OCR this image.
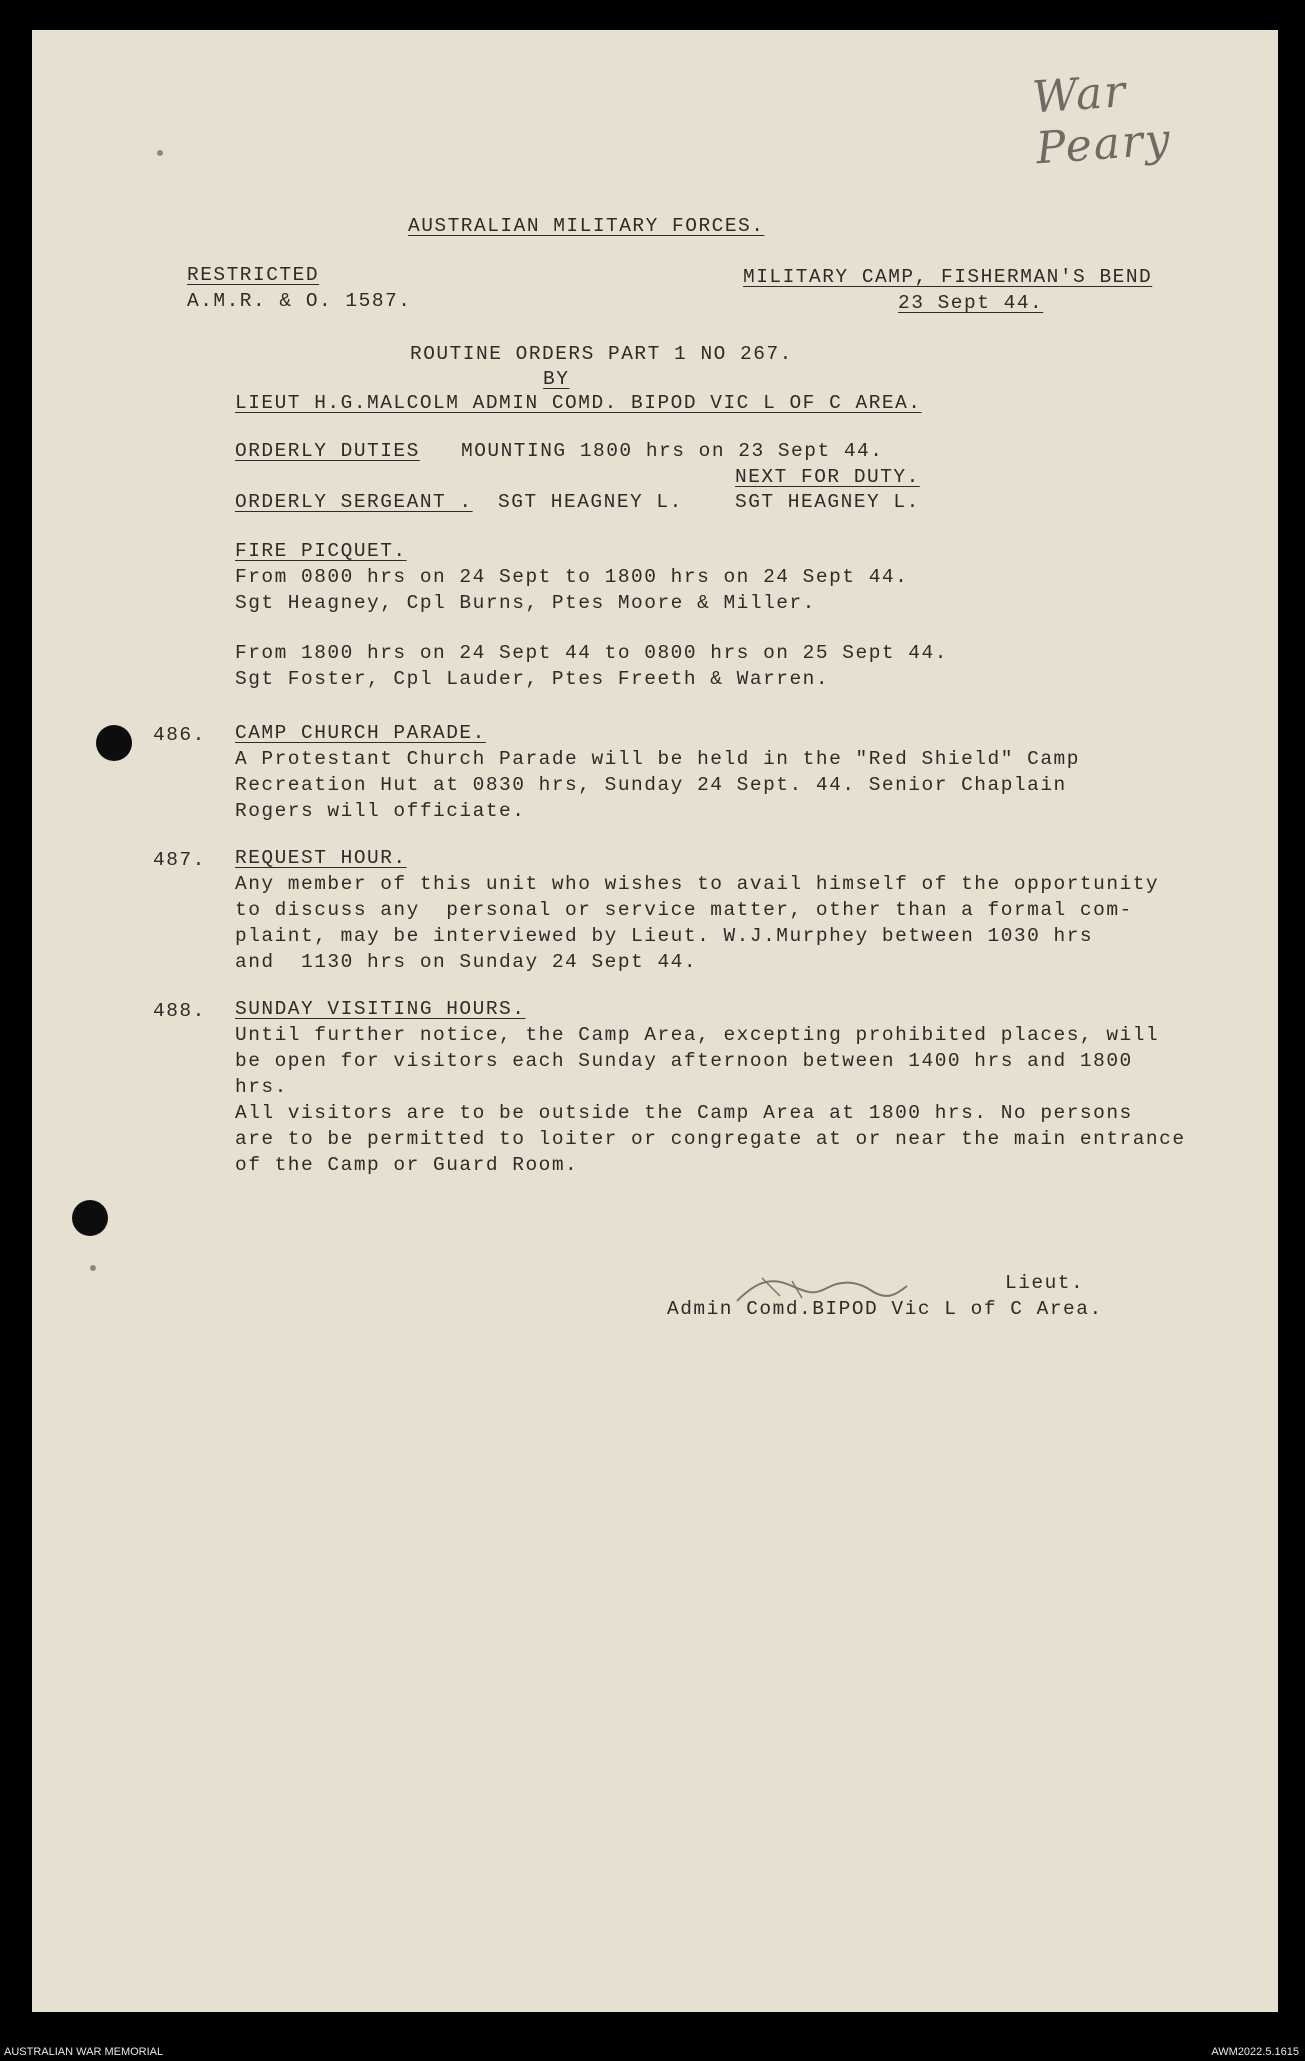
War Peary
AUSTRALIAN MILITARY FORCES.
RESTRICTED
A.M.R. & O. 1587.
MILITARY CAMP, FISHERMAN'S BEND
23 Sept 44.
ROUTINE ORDERS PART 1 NO 267.
BY
LIEUT H.G.MALCOLM ADMIN COMD. BIPOD VIC L OF C AREA.
ORDERLY DUTIES MOUNTING 1800 hrs on 23 Sept 44.
NEXT FOR DUTY.
ORDERLY SERGEANT . SGT HEAGNEY L.	SGT HEAGNEY L.
FIRE PICQUET.
From 0800 hrs on 24 Sept to 1800 hrs on 24 Sept 44.
Sgt Heagney, Cpl Burns, Ptes Moore & Miller.
From 1800 hrs on 24 Sept 44 to 0800 hrs on 25 Sept 44.
Sgt Foster, Cpl Lauder, Ptes Freeth & Warren.
486. CAMP CHURCH PARADE.
A Protestant Church Parade will be held in the "Red Shield" Camp
Recreation Hut at 0830 hrs, Sunday 24 Sept. 44. Senior Chaplain
Rogers will officiate.
487. REQUEST HOUR.
Any member of this unit who wishes to avail himself of the opportunity
to discuss any  personal or service matter, other than a formal com-
plaint, may be interviewed by Lieut. W.J.Murphey between 1030 hrs
and  1130 hrs on Sunday 24 Sept 44.
488. SUNDAY VISITING HOURS.
Until further notice, the Camp Area, excepting prohibited places, will
be open for visitors each Sunday afternoon between 1400 hrs and 1800
hrs.
All visitors are to be outside the Camp Area at 1800 hrs. No persons
are to be permitted to loiter or congregate at or near the main entrance
of the Camp or Guard Room.
Lieut.
Admin Comd.BIPOD Vic L of C Area.
AUSTRALIAN WAR MEMORIAL	AWM2022.5.1615
